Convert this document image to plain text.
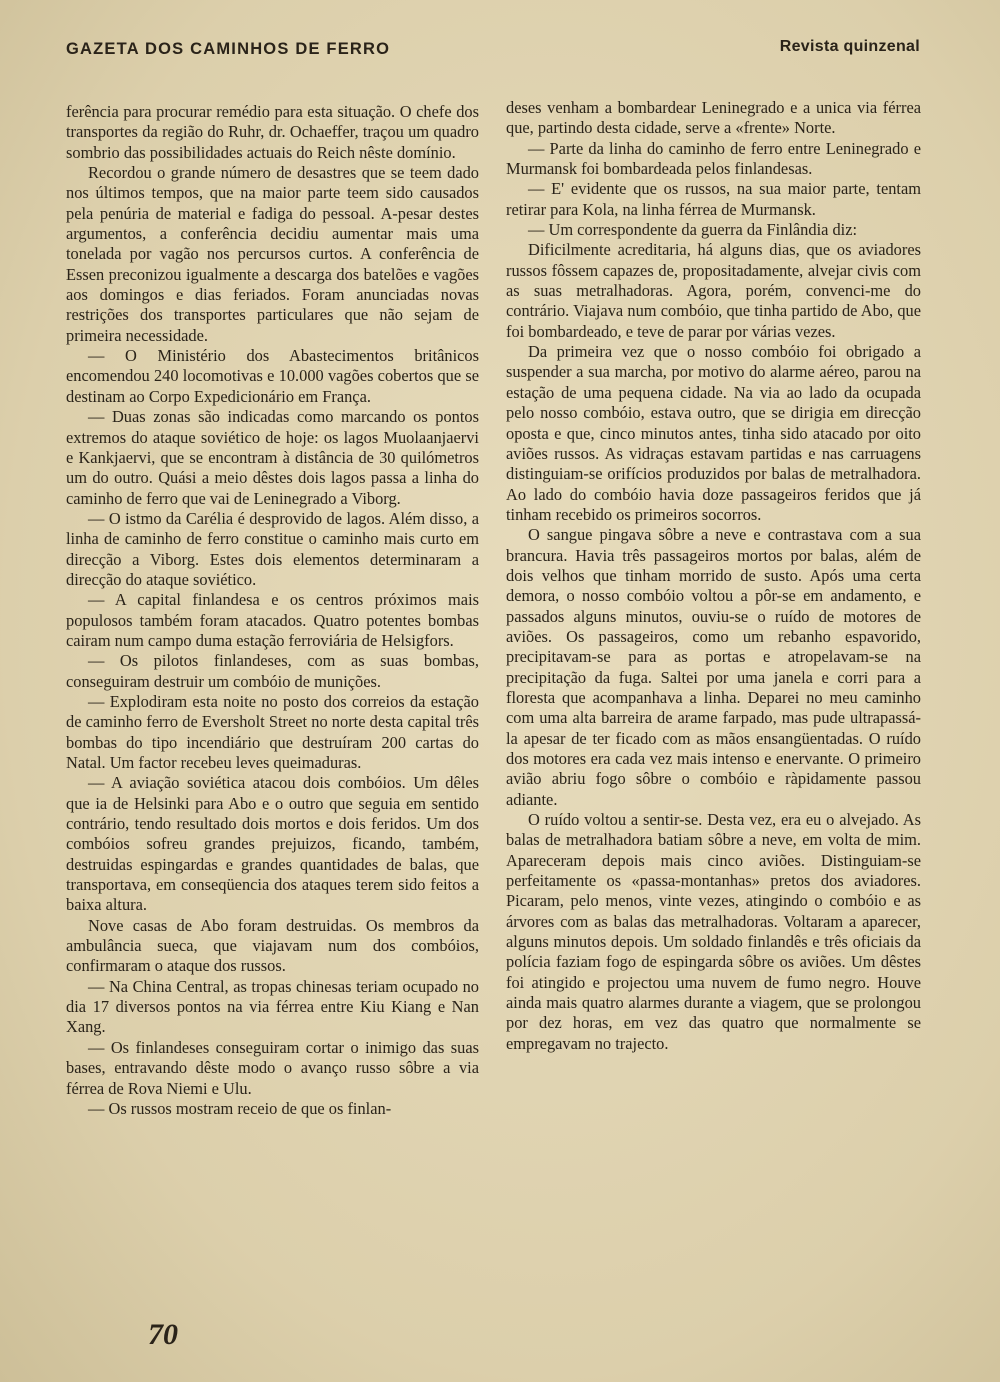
GAZETA DOS CAMINHOS DE FERRO	Revista quinzenal

ferência para procurar remédio para esta situação. O chefe dos transportes da região do Ruhr, dr. Ochaeffer, traçou um quadro sombrio das possibilidades actuais do Reich nêste domínio.

Recordou o grande número de desastres que se teem dado nos últimos tempos, que na maior parte teem sido causados pela penúria de material e fadiga do pessoal. A-pesar destes argumentos, a conferência decidiu aumentar mais uma tonelada por vagão nos percursos curtos. A conferência de Essen preconizou igualmente a descarga dos batelões e vagões aos domingos e dias feriados. Foram anunciadas novas restrições dos transportes particulares que não sejam de primeira necessidade.

— O Ministério dos Abastecimentos britânicos encomendou 240 locomotivas e 10.000 vagões cobertos que se destinam ao Corpo Expedicionário em França.

— Duas zonas são indicadas como marcando os pontos extremos do ataque soviético de hoje: os lagos Muolaanjaervi e Kankjaervi, que se encontram à distância de 30 quilómetros um do outro. Quási a meio dêstes dois lagos passa a linha do caminho de ferro que vai de Leninegrado a Viborg.

— O istmo da Carélia é desprovido de lagos. Além disso, a linha de caminho de ferro constitue o caminho mais curto em direcção a Viborg. Estes dois elementos determinaram a direcção do ataque soviético.

— A capital finlandesa e os centros próximos mais populosos também foram atacados. Quatro potentes bombas cairam num campo duma estação ferroviária de Helsigfors.

— Os pilotos finlandeses, com as suas bombas, conseguiram destruir um combóio de munições.

— Explodiram esta noite no posto dos correios da estação de caminho ferro de Eversholt Street no norte desta capital três bombas do tipo incendiário que destruíram 200 cartas do Natal. Um factor recebeu leves queimaduras.

— A aviação soviética atacou dois combóios. Um dêles que ia de Helsinki para Abo e o outro que seguia em sentido contrário, tendo resultado dois mortos e dois feridos. Um dos combóios sofreu grandes prejuizos, ficando, também, destruidas espingardas e grandes quantidades de balas, que transportava, em conseqüencia dos ataques terem sido feitos a baixa altura.

Nove casas de Abo foram destruidas. Os membros da ambulância sueca, que viajavam num dos combóios, confirmaram o ataque dos russos.

— Na China Central, as tropas chinesas teriam ocupado no dia 17 diversos pontos na via férrea entre Kiu Kiang e Nan Xang.

— Os finlandeses conseguiram cortar o inimigo das suas bases, entravando dêste modo o avanço russo sôbre a via férrea de Rova Niemi e Ulu.

— Os russos mostram receio de que os finlan-

deses venham a bombardear Leninegrado e a unica via férrea que, partindo desta cidade, serve a «frente» Norte.

— Parte da linha do caminho de ferro entre Leninegrado e Murmansk foi bombardeada pelos finlandesas.

— E' evidente que os russos, na sua maior parte, tentam retirar para Kola, na linha férrea de Murmansk.

— Um correspondente da guerra da Finlândia diz:

Dificilmente acreditaria, há alguns dias, que os aviadores russos fôssem capazes de, propositadamente, alvejar civis com as suas metralhadoras. Agora, porém, convenci-me do contrário. Viajava num combóio, que tinha partido de Abo, que foi bombardeado, e teve de parar por várias vezes.

Da primeira vez que o nosso combóio foi obrigado a suspender a sua marcha, por motivo do alarme aéreo, parou na estação de uma pequena cidade. Na via ao lado da ocupada pelo nosso combóio, estava outro, que se dirigia em direcção oposta e que, cinco minutos antes, tinha sido atacado por oito aviões russos. As vidraças estavam partidas e nas carruagens distinguiam-se orifícios produzidos por balas de metralhadora. Ao lado do combóio havia doze passageiros feridos que já tinham recebido os primeiros socorros.

O sangue pingava sôbre a neve e contrastava com a sua brancura. Havia três passageiros mortos por balas, além de dois velhos que tinham morrido de susto. Após uma certa demora, o nosso combóio voltou a pôr-se em andamento, e passados alguns minutos, ouviu-se o ruído de motores de aviões. Os passageiros, como um rebanho espavorido, precipitavam-se para as portas e atropelavam-se na precipitação da fuga. Saltei por uma janela e corri para a floresta que acompanhava a linha. Deparei no meu caminho com uma alta barreira de arame farpado, mas pude ultrapassá-la apesar de ter ficado com as mãos ensangüentadas. O ruído dos motores era cada vez mais intenso e enervante. O primeiro avião abriu fogo sôbre o combóio e ràpidamente passou adiante.

O ruído voltou a sentir-se. Desta vez, era eu o alvejado. As balas de metralhadora batiam sôbre a neve, em volta de mim. Apareceram depois mais cinco aviões. Distinguiam-se perfeitamente os «passa-montanhas» pretos dos aviadores. Picaram, pelo menos, vinte vezes, atingindo o combóio e as árvores com as balas das metralhadoras. Voltaram a aparecer, alguns minutos depois. Um soldado finlandês e três oficiais da polícia faziam fogo de espingarda sôbre os aviões. Um dêstes foi atingido e projectou uma nuvem de fumo negro. Houve ainda mais quatro alarmes durante a viagem, que se prolongou por dez horas, em vez das quatro que normalmente se empregavam no trajecto.

70
